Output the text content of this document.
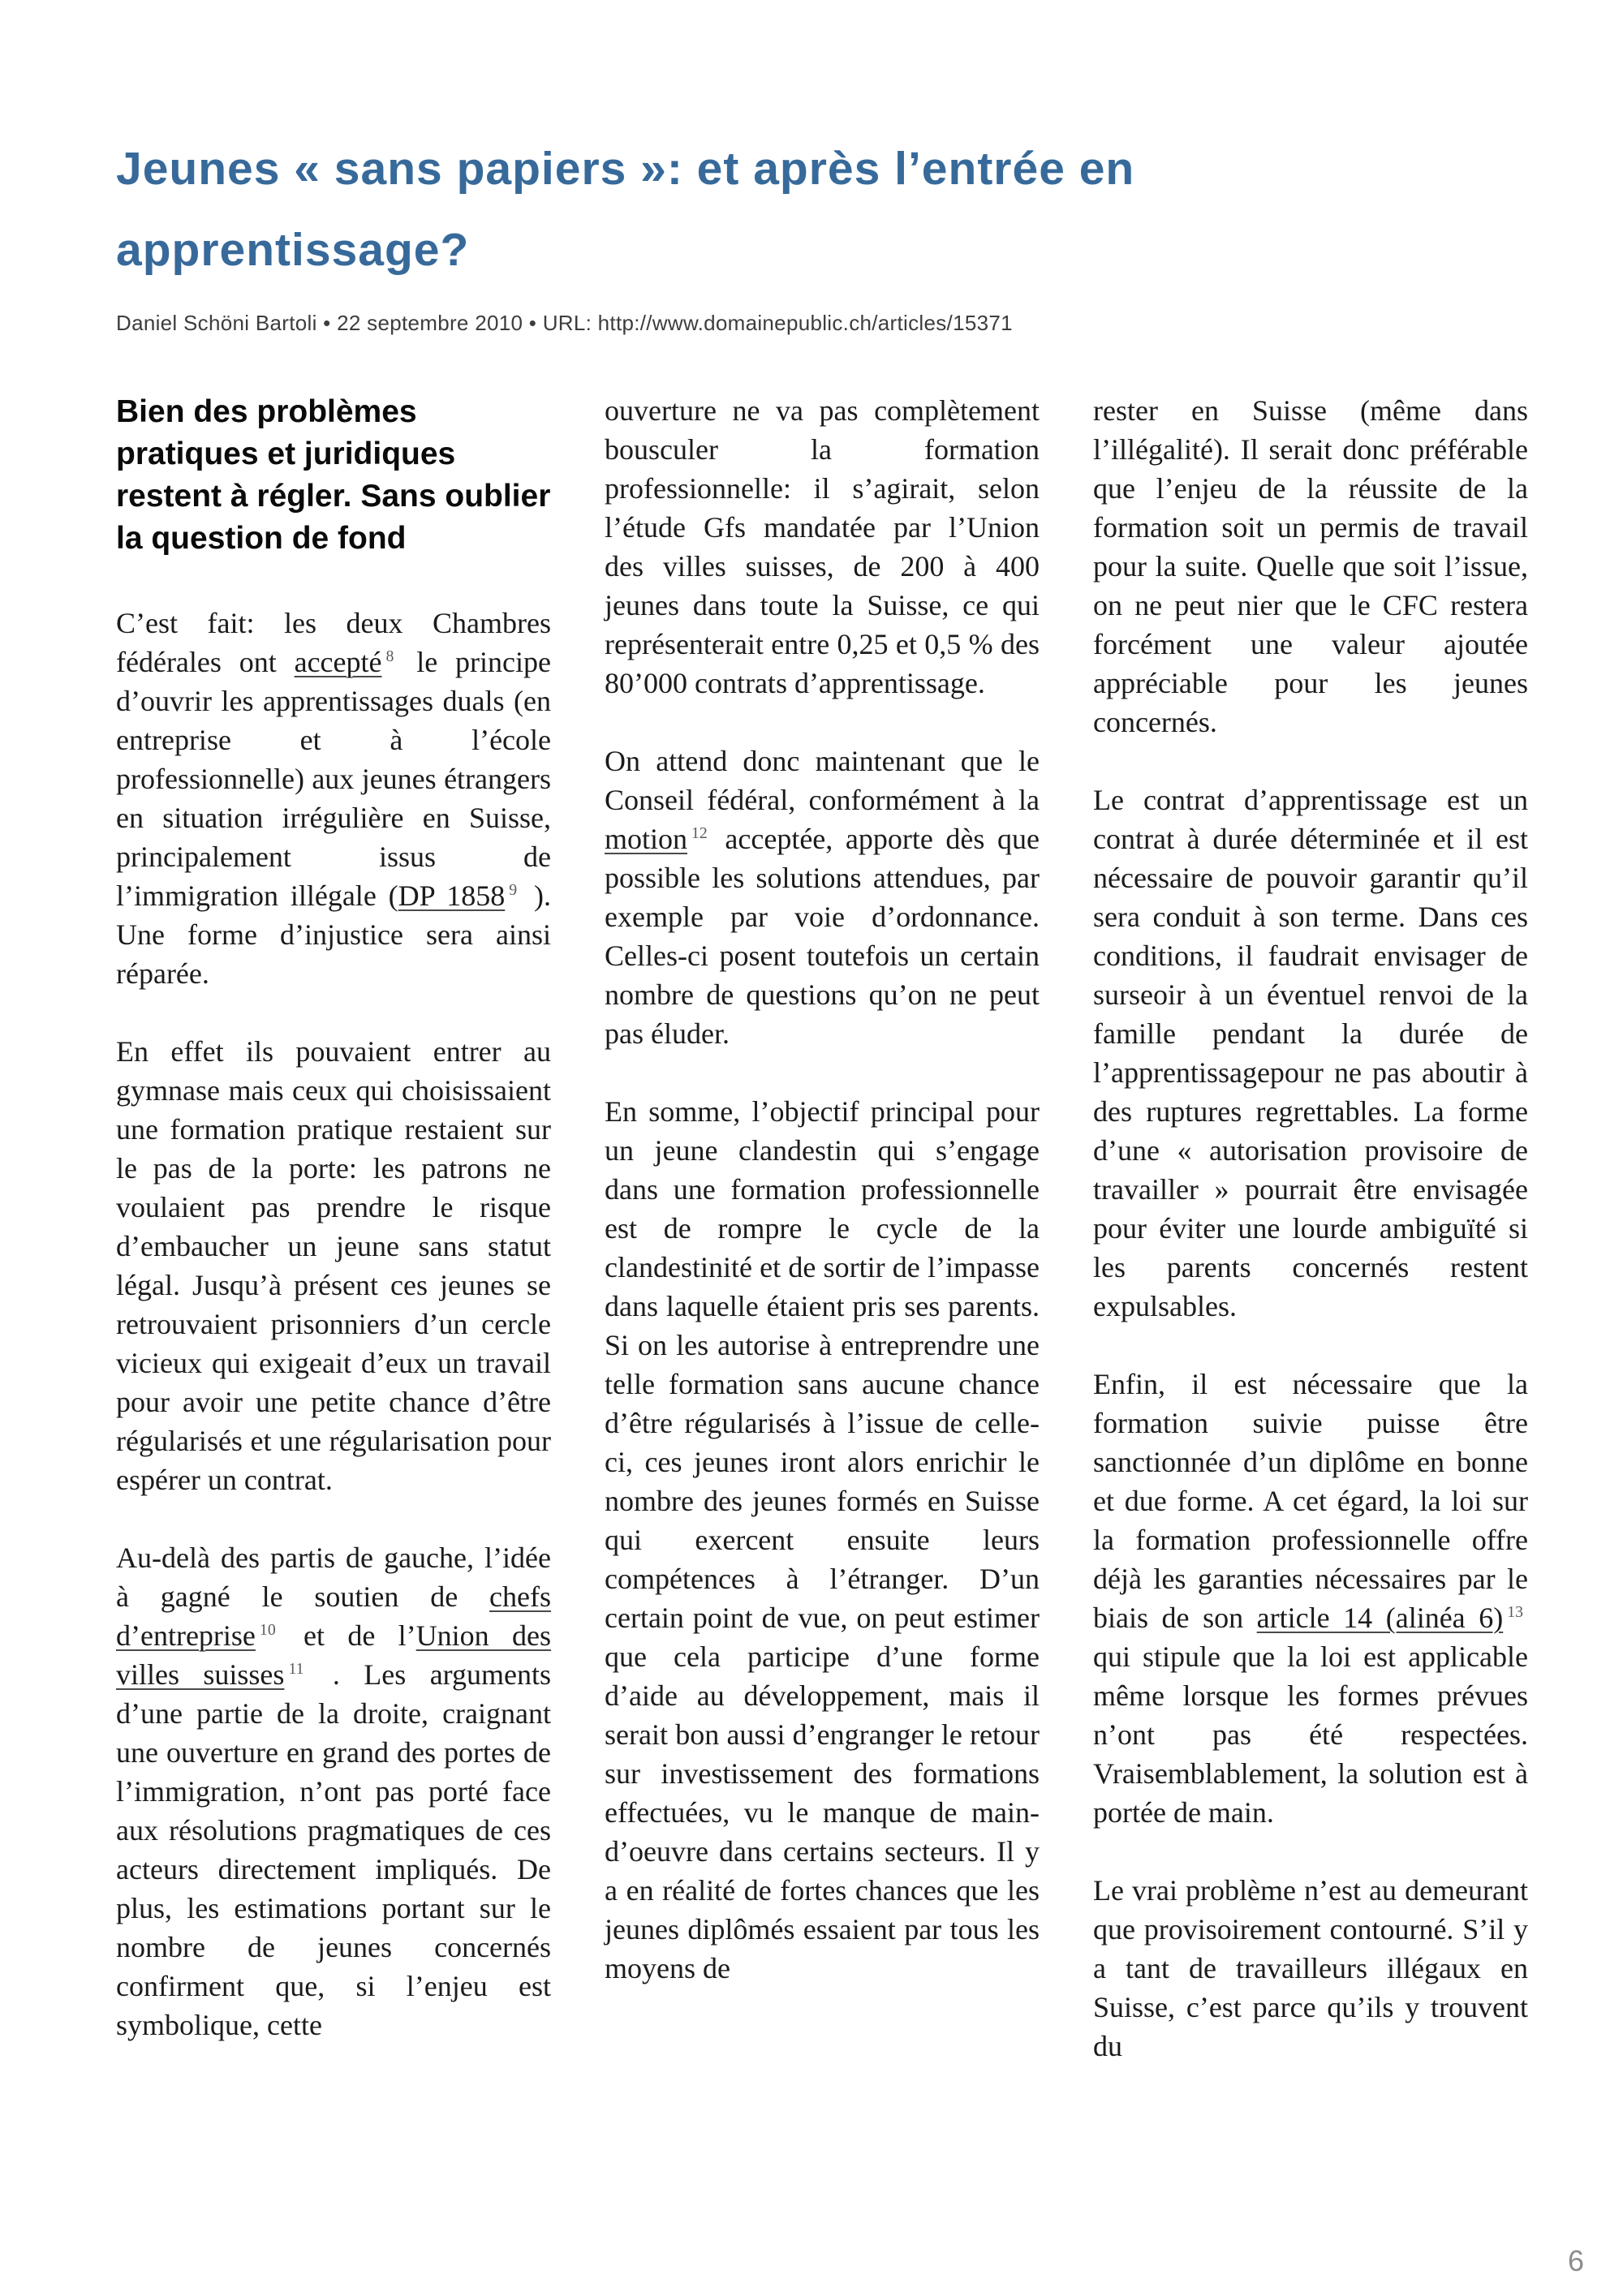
Jeunes « sans papiers »: et après l’entrée en
apprentissage?
Daniel Schöni Bartoli • 22 septembre 2010 • URL: http://www.domainepublic.ch/articles/15371

Bien des problèmes pratiques et juridiques restent à régler. Sans oublier la question de fond

C’est fait: les deux Chambres fédérales ont accepté $^8$ le principe d’ouvrir les apprentissages duals (en entreprise et à l’école professionnelle) aux jeunes étrangers en situation irrégulière en Suisse, principalement issus de l’immigration illégale (DP 1858 $^9$ ). Une forme d’injustice sera ainsi réparée.

En effet ils pouvaient entrer au gymnase mais ceux qui choisissaient une formation pratique restaient sur le pas de la porte: les patrons ne voulaient pas prendre le risque d’embaucher un jeune sans statut légal. Jusqu’à présent ces jeunes se retrouvaient prisonniers d’un cercle vicieux qui exigeait d’eux un travail pour avoir une petite chance d’être régularisés et une régularisation pour espérer un contrat.

Au-delà des partis de gauche, l’idée à gagné le soutien de chefs d’entreprise $^{10}$ et de l’Union des villes suisses $^{11}$ . Les arguments d’une partie de la droite, craignant une ouverture en grand des portes de l’immigration, n’ont pas porté face aux résolutions pragmatiques de ces acteurs directement impliqués. De plus, les estimations portant sur le nombre de jeunes concernés confirment que, si l’enjeu est symbolique, cette

ouverture ne va pas complètement bousculer la formation professionnelle: il s’agirait, selon l’étude Gfs mandatée par l’Union des villes suisses, de 200 à 400 jeunes dans toute la Suisse, ce qui représenterait entre 0,25 et 0,5 % des 80’000 contrats d’apprentissage.

On attend donc maintenant que le Conseil fédéral, conformément à la motion $^{12}$ acceptée, apporte dès que possible les solutions attendues, par exemple par voie d’ordonnance. Celles-ci posent toutefois un certain nombre de questions qu’on ne peut pas éluder.

En somme, l’objectif principal pour un jeune clandestin qui s’engage dans une formation professionnelle est de rompre le cycle de la clandestinité et de sortir de l’impasse dans laquelle étaient pris ses parents. Si on les autorise à entreprendre une telle formation sans aucune chance d’être régularisés à l’issue de celle-ci, ces jeunes iront alors enrichir le nombre des jeunes formés en Suisse qui exercent ensuite leurs compétences à l’étranger. D’un certain point de vue, on peut estimer que cela participe d’une forme d’aide au développement, mais il serait bon aussi d’engranger le retour sur investissement des formations effectuées, vu le manque de main-d’oeuvre dans certains secteurs. Il y a en réalité de fortes chances que les jeunes diplômés essaient par tous les moyens de

rester en Suisse (même dans l’illégalité). Il serait donc préférable que l’enjeu de la réussite de la formation soit un permis de travail pour la suite. Quelle que soit l’issue, on ne peut nier que le CFC restera forcément une valeur ajoutée appréciable pour les jeunes concernés.

Le contrat d’apprentissage est un contrat à durée déterminée et il est nécessaire de pouvoir garantir qu’il sera conduit à son terme. Dans ces conditions, il faudrait envisager de surseoir à un éventuel renvoi de la famille pendant la durée de l’apprentissagepour ne pas aboutir à des ruptures regrettables. La forme d’une « autorisation provisoire de travailler » pourrait être envisagée pour éviter une lourde ambiguïté si les parents concernés restent expulsables.

Enfin, il est nécessaire que la formation suivie puisse être sanctionnée d’un diplôme en bonne et due forme. A cet égard, la loi sur la formation professionnelle offre déjà les garanties nécessaires par le biais de son article 14 (alinéa 6) $^{13}$ qui stipule que la loi est applicable même lorsque les formes prévues n’ont pas été respectées. Vraisemblablement, la solution est à portée de main.

Le vrai problème n’est au demeurant que provisoirement contourné. S’il y a tant de travailleurs illégaux en Suisse, c’est parce qu’ils y trouvent du

6
